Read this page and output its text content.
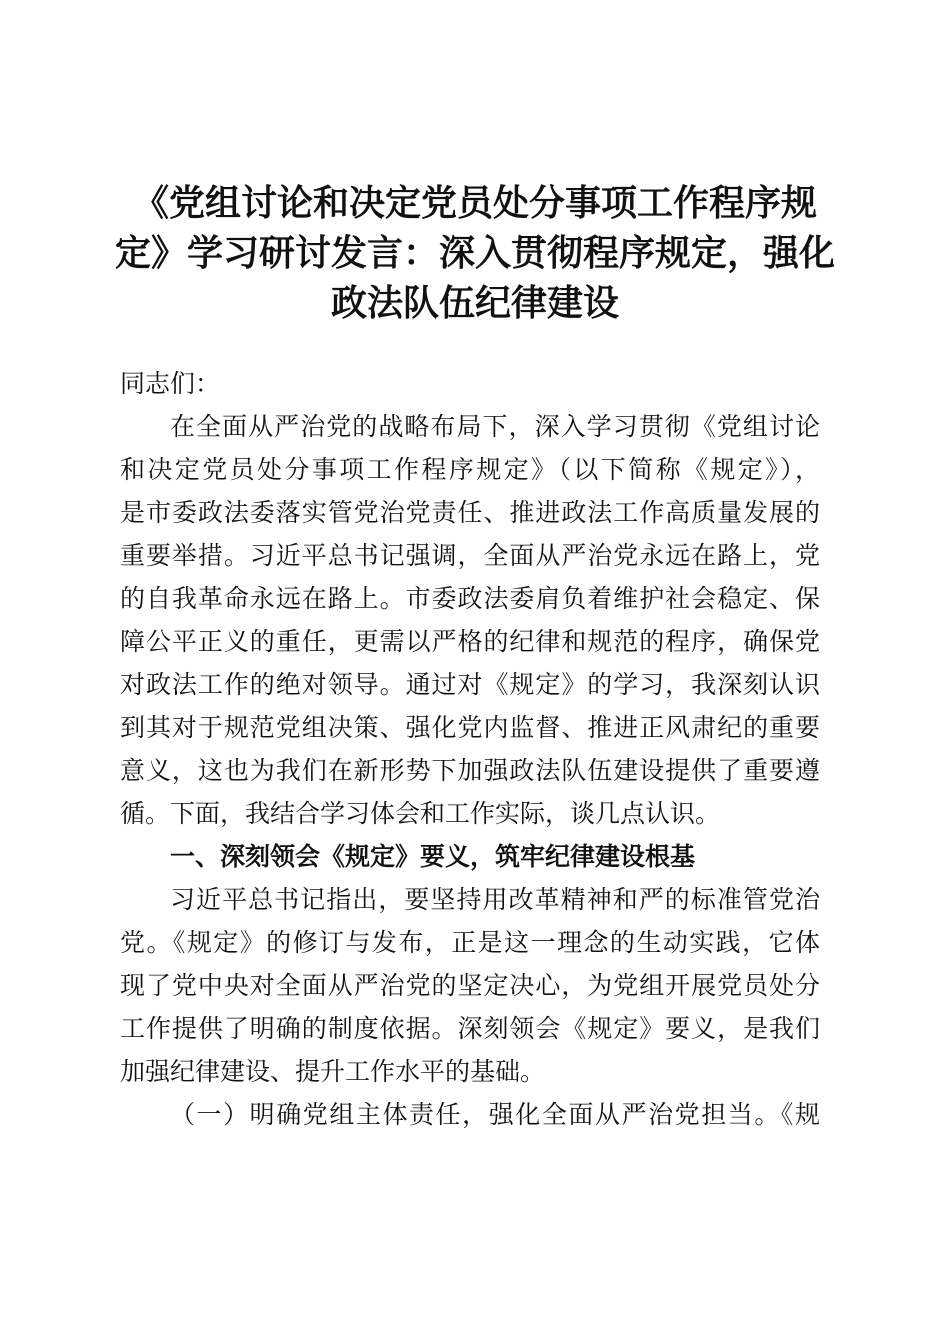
《党组讨论和决定党员处分事项工作程序规
定》学习研讨发言：深入贯彻程序规定，强化
政法队伍纪律建设
同志们：
在全面从严治党的战略布局下，深入学习贯彻《党组讨论
和决定党员处分事项工作程序规定》（以下简称《规定》），
是市委政法委落实管党治党责任、推进政法工作高质量发展的
重要举措。习近平总书记强调，全面从严治党永远在路上，党
的自我革命永远在路上。市委政法委肩负着维护社会稳定、保
障公平正义的重任，更需以严格的纪律和规范的程序，确保党
对政法工作的绝对领导。通过对《规定》的学习，我深刻认识
到其对于规范党组决策、强化党内监督、推进正风肃纪的重要
意义，这也为我们在新形势下加强政法队伍建设提供了重要遵
循。下面，我结合学习体会和工作实际，谈几点认识。
一、深刻领会《规定》要义，筑牢纪律建设根基
习近平总书记指出，要坚持用改革精神和严的标准管党治
党。《规定》的修订与发布，正是这一理念的生动实践，它体
现了党中央对全面从严治党的坚定决心，为党组开展党员处分
工作提供了明确的制度依据。深刻领会《规定》要义，是我们
加强纪律建设、提升工作水平的基础。
（一）明确党组主体责任，强化全面从严治党担当。《规
